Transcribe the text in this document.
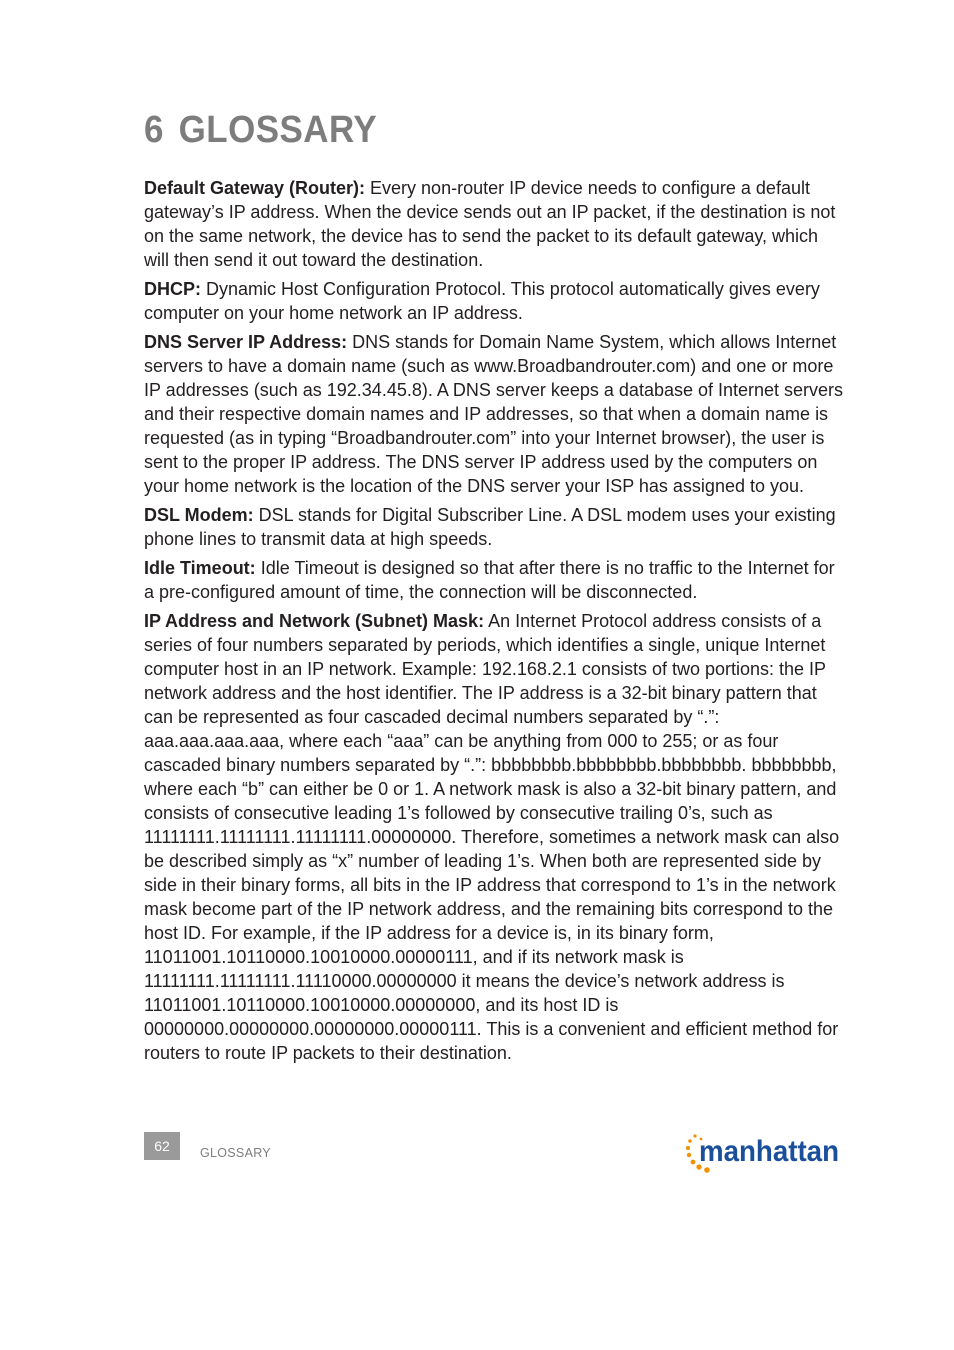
6 GLOSSARY

Default Gateway (Router): Every non-router IP device needs to configure a default gateway’s IP address. When the device sends out an IP packet, if the destination is not on the same network, the device has to send the packet to its default gateway, which will then send it out toward the destination.

DHCP: Dynamic Host Configuration Protocol. This protocol automatically gives every computer on your home network an IP address.

DNS Server IP Address: DNS stands for Domain Name System, which allows Internet servers to have a domain name (such as www.Broadbandrouter.com) and one or more IP addresses (such as 192.34.45.8). A DNS server keeps a database of Internet servers and their respective domain names and IP addresses, so that when a domain name is requested (as in typing “Broadbandrouter.com” into your Internet browser), the user is sent to the proper IP address. The DNS server IP address used by the computers on your home network is the location of the DNS server your ISP has assigned to you.

DSL Modem: DSL stands for Digital Subscriber Line. A DSL modem uses your existing phone lines to transmit data at high speeds.

Idle Timeout: Idle Timeout is designed so that after there is no traffic to the Internet for a pre-configured amount of time, the connection will be disconnected.

IP Address and Network (Subnet) Mask: An Internet Protocol address consists of a series of four numbers separated by periods, which identifies a single, unique Internet computer host in an IP network. Example: 192.168.2.1 consists of two portions: the IP network address and the host identifier. The IP address is a 32-bit binary pattern that can be represented as four cascaded decimal numbers separated by “.”: aaa.aaa.aaa.aaa, where each “aaa” can be anything from 000 to 255; or as four cascaded binary numbers separated by “.”: bbbbbbbb.bbbbbbbb.bbbbbbbb. bbbbbbbb, where each “b” can either be 0 or 1. A network mask is also a 32-bit binary pattern, and consists of consecutive leading 1’s followed by consecutive trailing 0’s, such as 11111111.11111111.11111111.00000000. Therefore, sometimes a network mask can also be described simply as “x” number of leading 1’s. When both are represented side by side in their binary forms, all bits in the IP address that correspond to 1’s in the network mask become part of the IP network address, and the remaining bits correspond to the host ID. For example, if the IP address for a device is, in its binary form, 11011001.10110000.10010000.00000111, and if its network mask is 11111111.11111111.11110000.00000000 it means the device’s network address is 11011001.10110000.10010000.00000000, and its host ID is 00000000.00000000.00000000.00000111. This is a convenient and efficient method for routers to route IP packets to their destination.

62	GLOSSARY	manhattan
